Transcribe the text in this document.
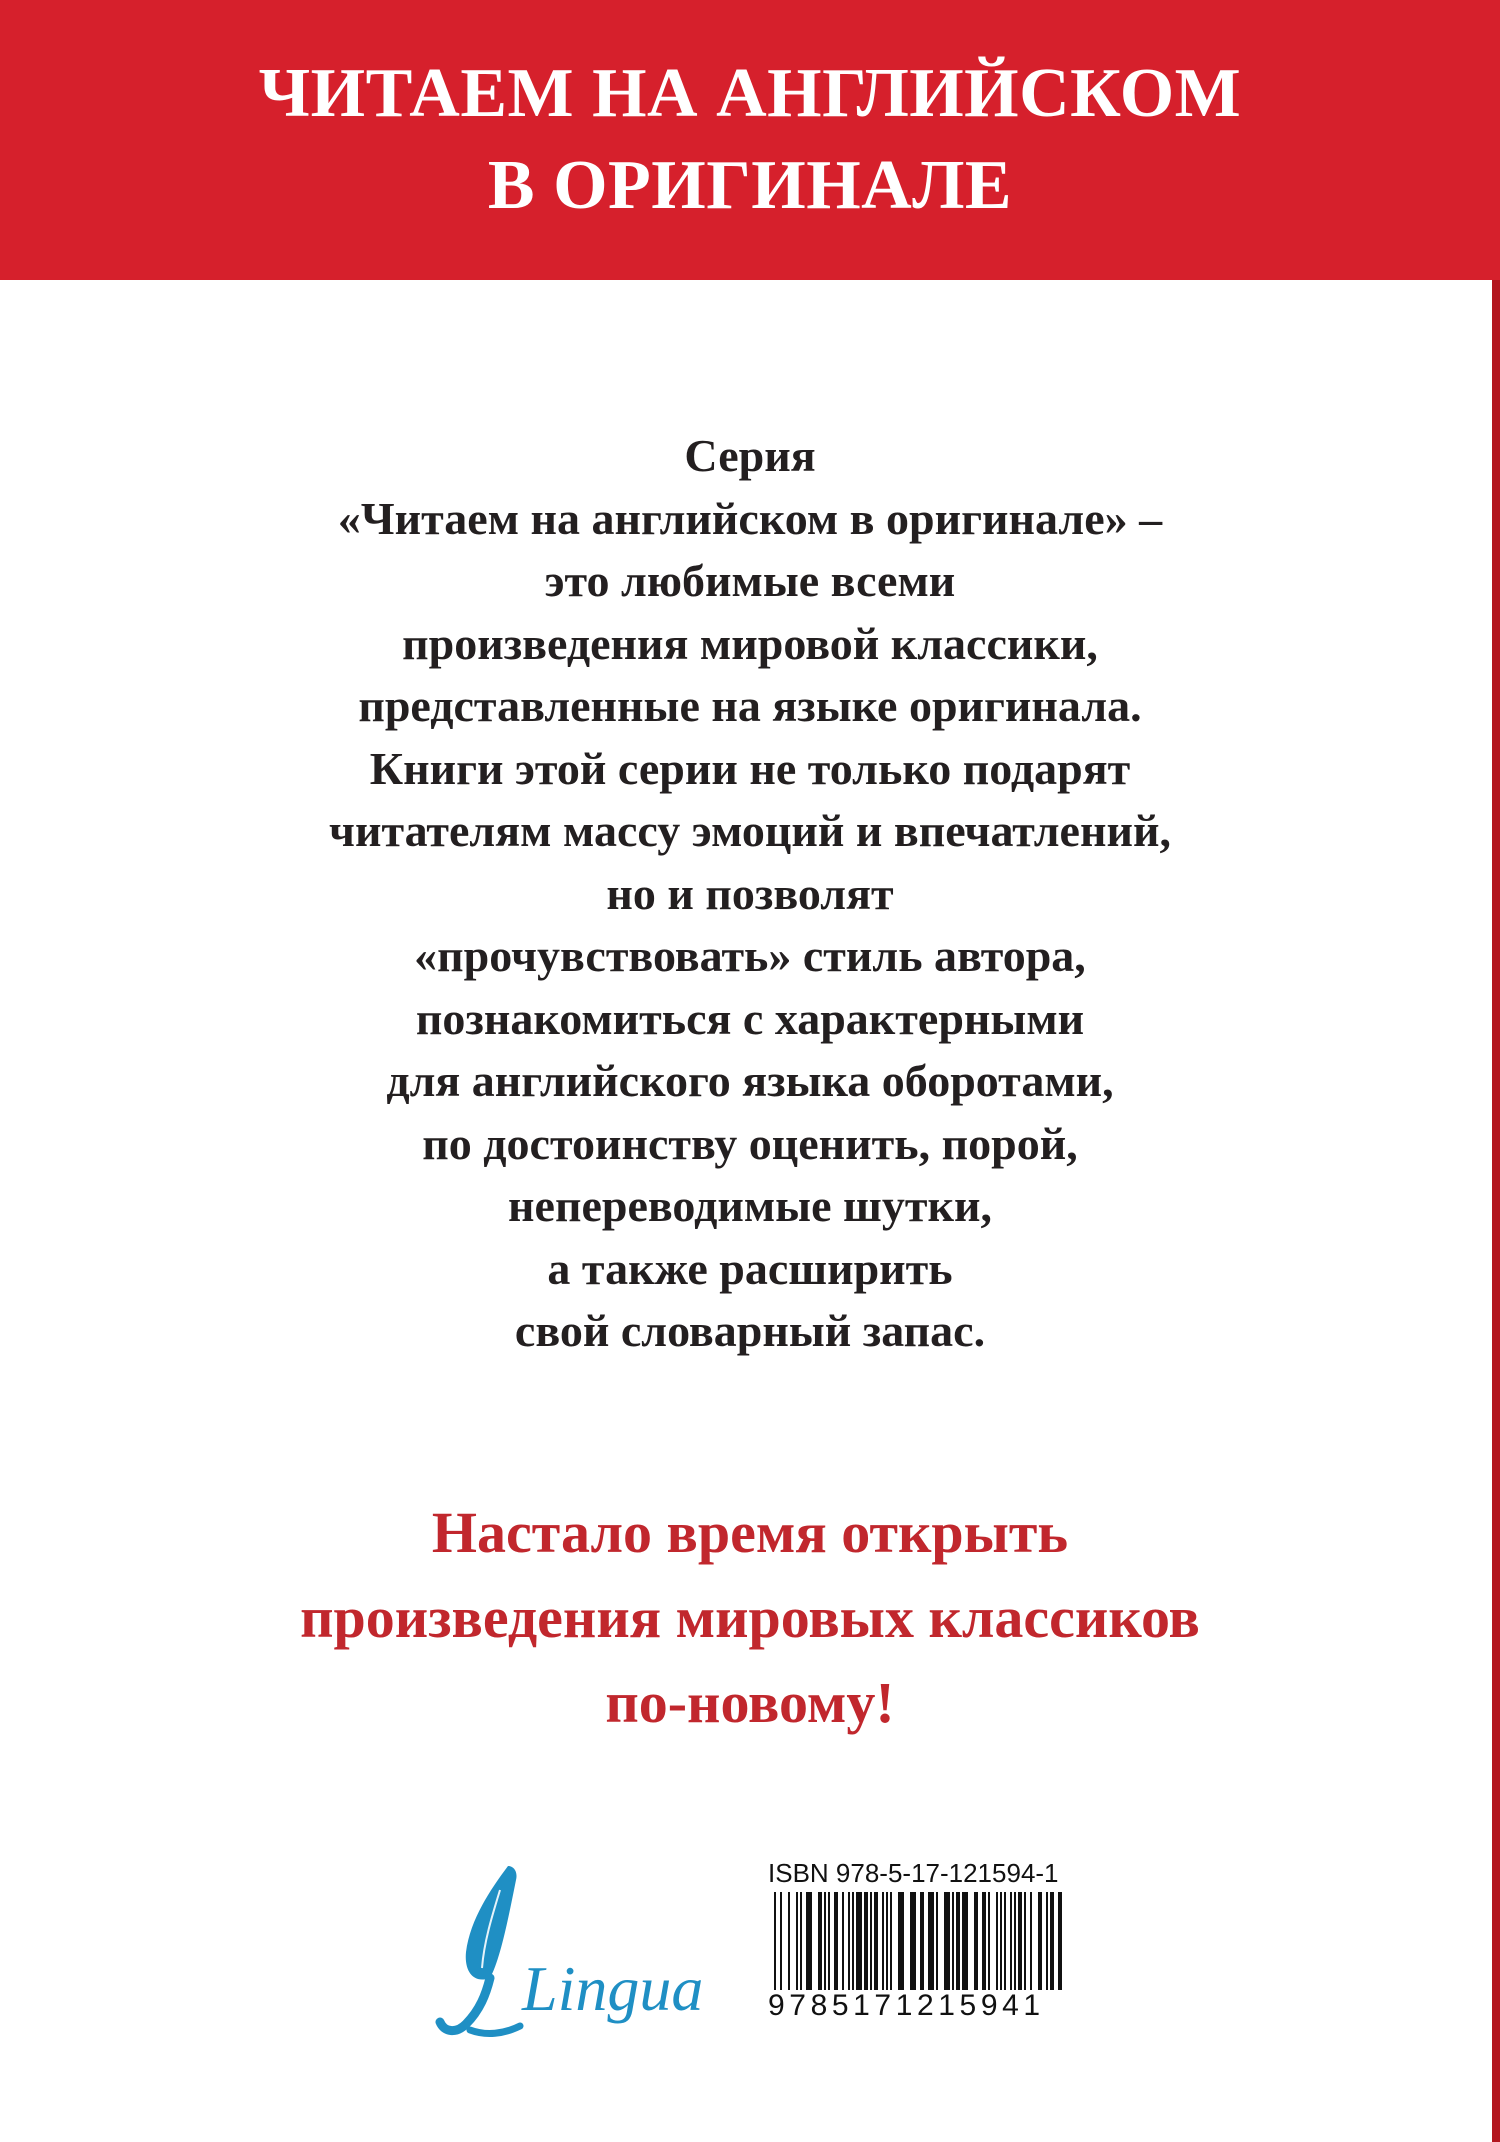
ЧИТАЕМ НА АНГЛИЙСКОМ
В ОРИГИНАЛЕ
Серия
«Читаем на английском в оригинале» –
это любимые всеми
произведения мировой классики,
представленные на языке оригинала.
Книги этой серии не только подарят
читателям массу эмоций и впечатлений,
но и позволят
«прочувствовать» стиль автора,
познакомиться с характерными
для английского языка оборотами,
по достоинству оценить, порой,
непереводимые шутки,
а также расширить
свой словарный запас.
Настало время открыть
произведения мировых классиков
по-новому!
Lingua
ISBN 978-5-17-121594-1
9785171215941
